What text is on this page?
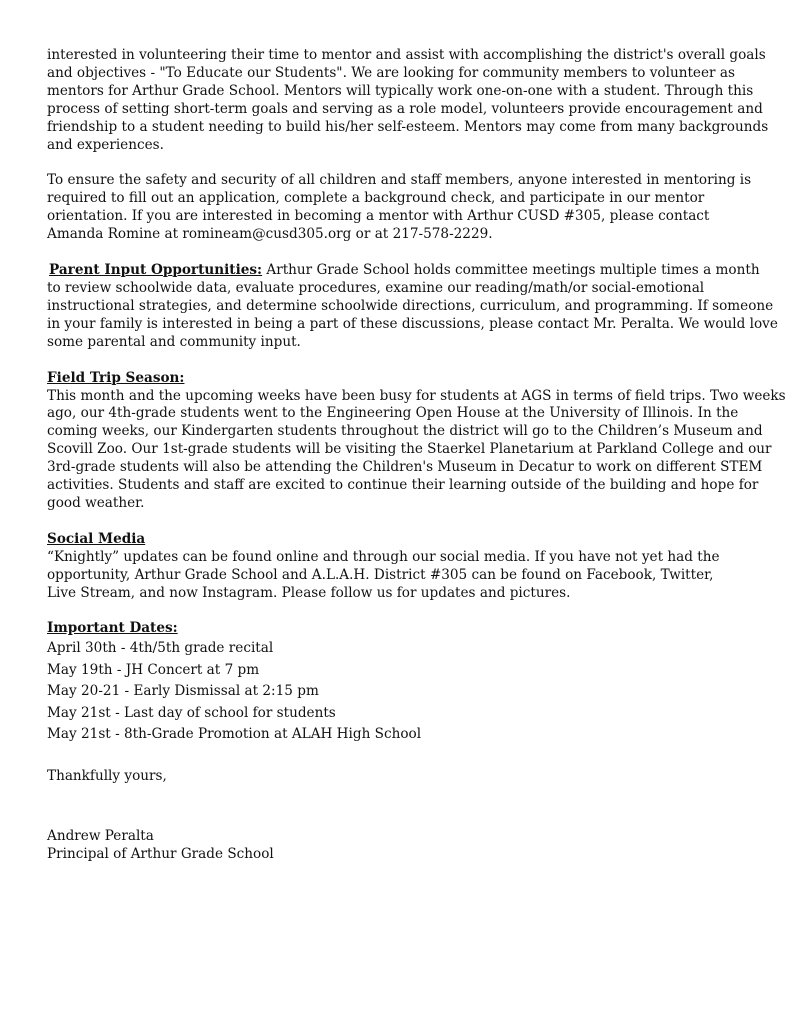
interested in volunteering their time to mentor and assist with accomplishing the district's overall goals
and objectives - "To Educate our Students". We are looking for community members to volunteer as
mentors for Arthur Grade School. Mentors will typically work one-on-one with a student. Through this
process of setting short-term goals and serving as a role model, volunteers provide encouragement and
friendship to a student needing to build his/her self-esteem. Mentors may come from many backgrounds
and experiences.

To ensure the safety and security of all children and staff members, anyone interested in mentoring is
required to fill out an application, complete a background check, and participate in our mentor
orientation. If you are interested in becoming a mentor with Arthur CUSD #305, please contact
Amanda Romine at romineam@cusd305.org or at 217-578-2229.

Parent Input Opportunities: Arthur Grade School holds committee meetings multiple times a month
to review schoolwide data, evaluate procedures, examine our reading/math/or social-emotional
instructional strategies, and determine schoolwide directions, curriculum, and programming. If someone
in your family is interested in being a part of these discussions, please contact Mr. Peralta. We would love
some parental and community input.

Field Trip Season:
This month and the upcoming weeks have been busy for students at AGS in terms of field trips. Two weeks
ago, our 4th-grade students went to the Engineering Open House at the University of Illinois. In the
coming weeks, our Kindergarten students throughout the district will go to the Children’s Museum and
Scovill Zoo. Our 1st-grade students will be visiting the Staerkel Planetarium at Parkland College and our
3rd-grade students will also be attending the Children's Museum in Decatur to work on different STEM
activities. Students and staff are excited to continue their learning outside of the building and hope for
good weather.

Social Media
“Knightly” updates can be found online and through our social media. If you have not yet had the
opportunity, Arthur Grade School and A.L.A.H. District #305 can be found on Facebook, Twitter,
Live Stream, and now Instagram. Please follow us for updates and pictures.

Important Dates:
April 30th - 4th/5th grade recital
May 19th - JH Concert at 7 pm
May 20-21 - Early Dismissal at 2:15 pm
May 21st - Last day of school for students
May 21st - 8th-Grade Promotion at ALAH High School

Thankfully yours,

Andrew Peralta
Principal of Arthur Grade School
